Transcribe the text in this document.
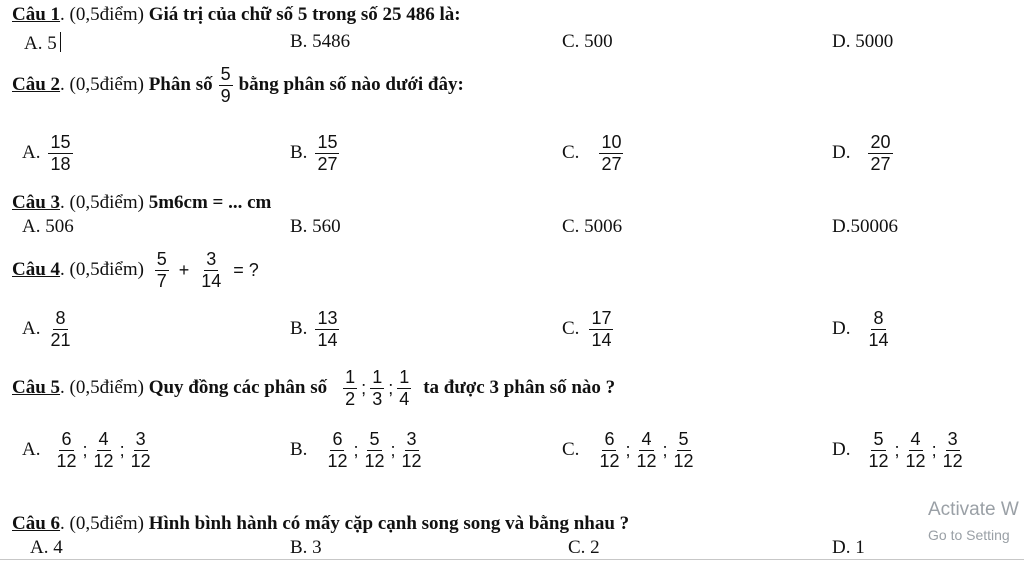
Câu 1. (0,5điểm) Giá trị của chữ số 5 trong số 25 486 là:
A. 5	B. 5486	C. 500	D. 5000
Câu 2 . (0,5điểm) Phân số $\frac{5}{9}$ bằng phân số nào dưới đây:
A. $\frac{15}{18}$	B. $\frac{15}{27}$	C. $\frac{10}{27}$	D. $\frac{20}{27}$
Câu 3. (0,5điểm) 5m6cm = ... cm
A. 506	B. 560	C. 5006	D.50006
Câu 4 . (0,5điểm) $\frac{5}{7} + \frac{3}{14}$ = ?
A. $\frac{8}{21}$	B. $\frac{13}{14}$	C. $\frac{17}{14}$	D. $\frac{8}{14}$
Câu 5 . (0,5điểm) Quy đồng các phân số $\frac{1}{2}$ ; $\frac{1}{3}$ ; $\frac{1}{4}$ ta được 3 phân số nào ?
A. $\frac{6}{12}$ ; $\frac{4}{12}$ ; $\frac{3}{12}$	B. $\frac{6}{12}$ ; $\frac{5}{12}$ ; $\frac{3}{12}$	C. $\frac{6}{12}$ ; $\frac{4}{12}$ ; $\frac{5}{12}$	D. $\frac{5}{12}$ ; $\frac{4}{12}$ ; $\frac{3}{12}$
Câu 6. (0,5điểm) Hình bình hành có mấy cặp cạnh song song và bằng nhau ?
A. 4	B. 3	C. 2	D. 1
Activate W
Go to Setting
